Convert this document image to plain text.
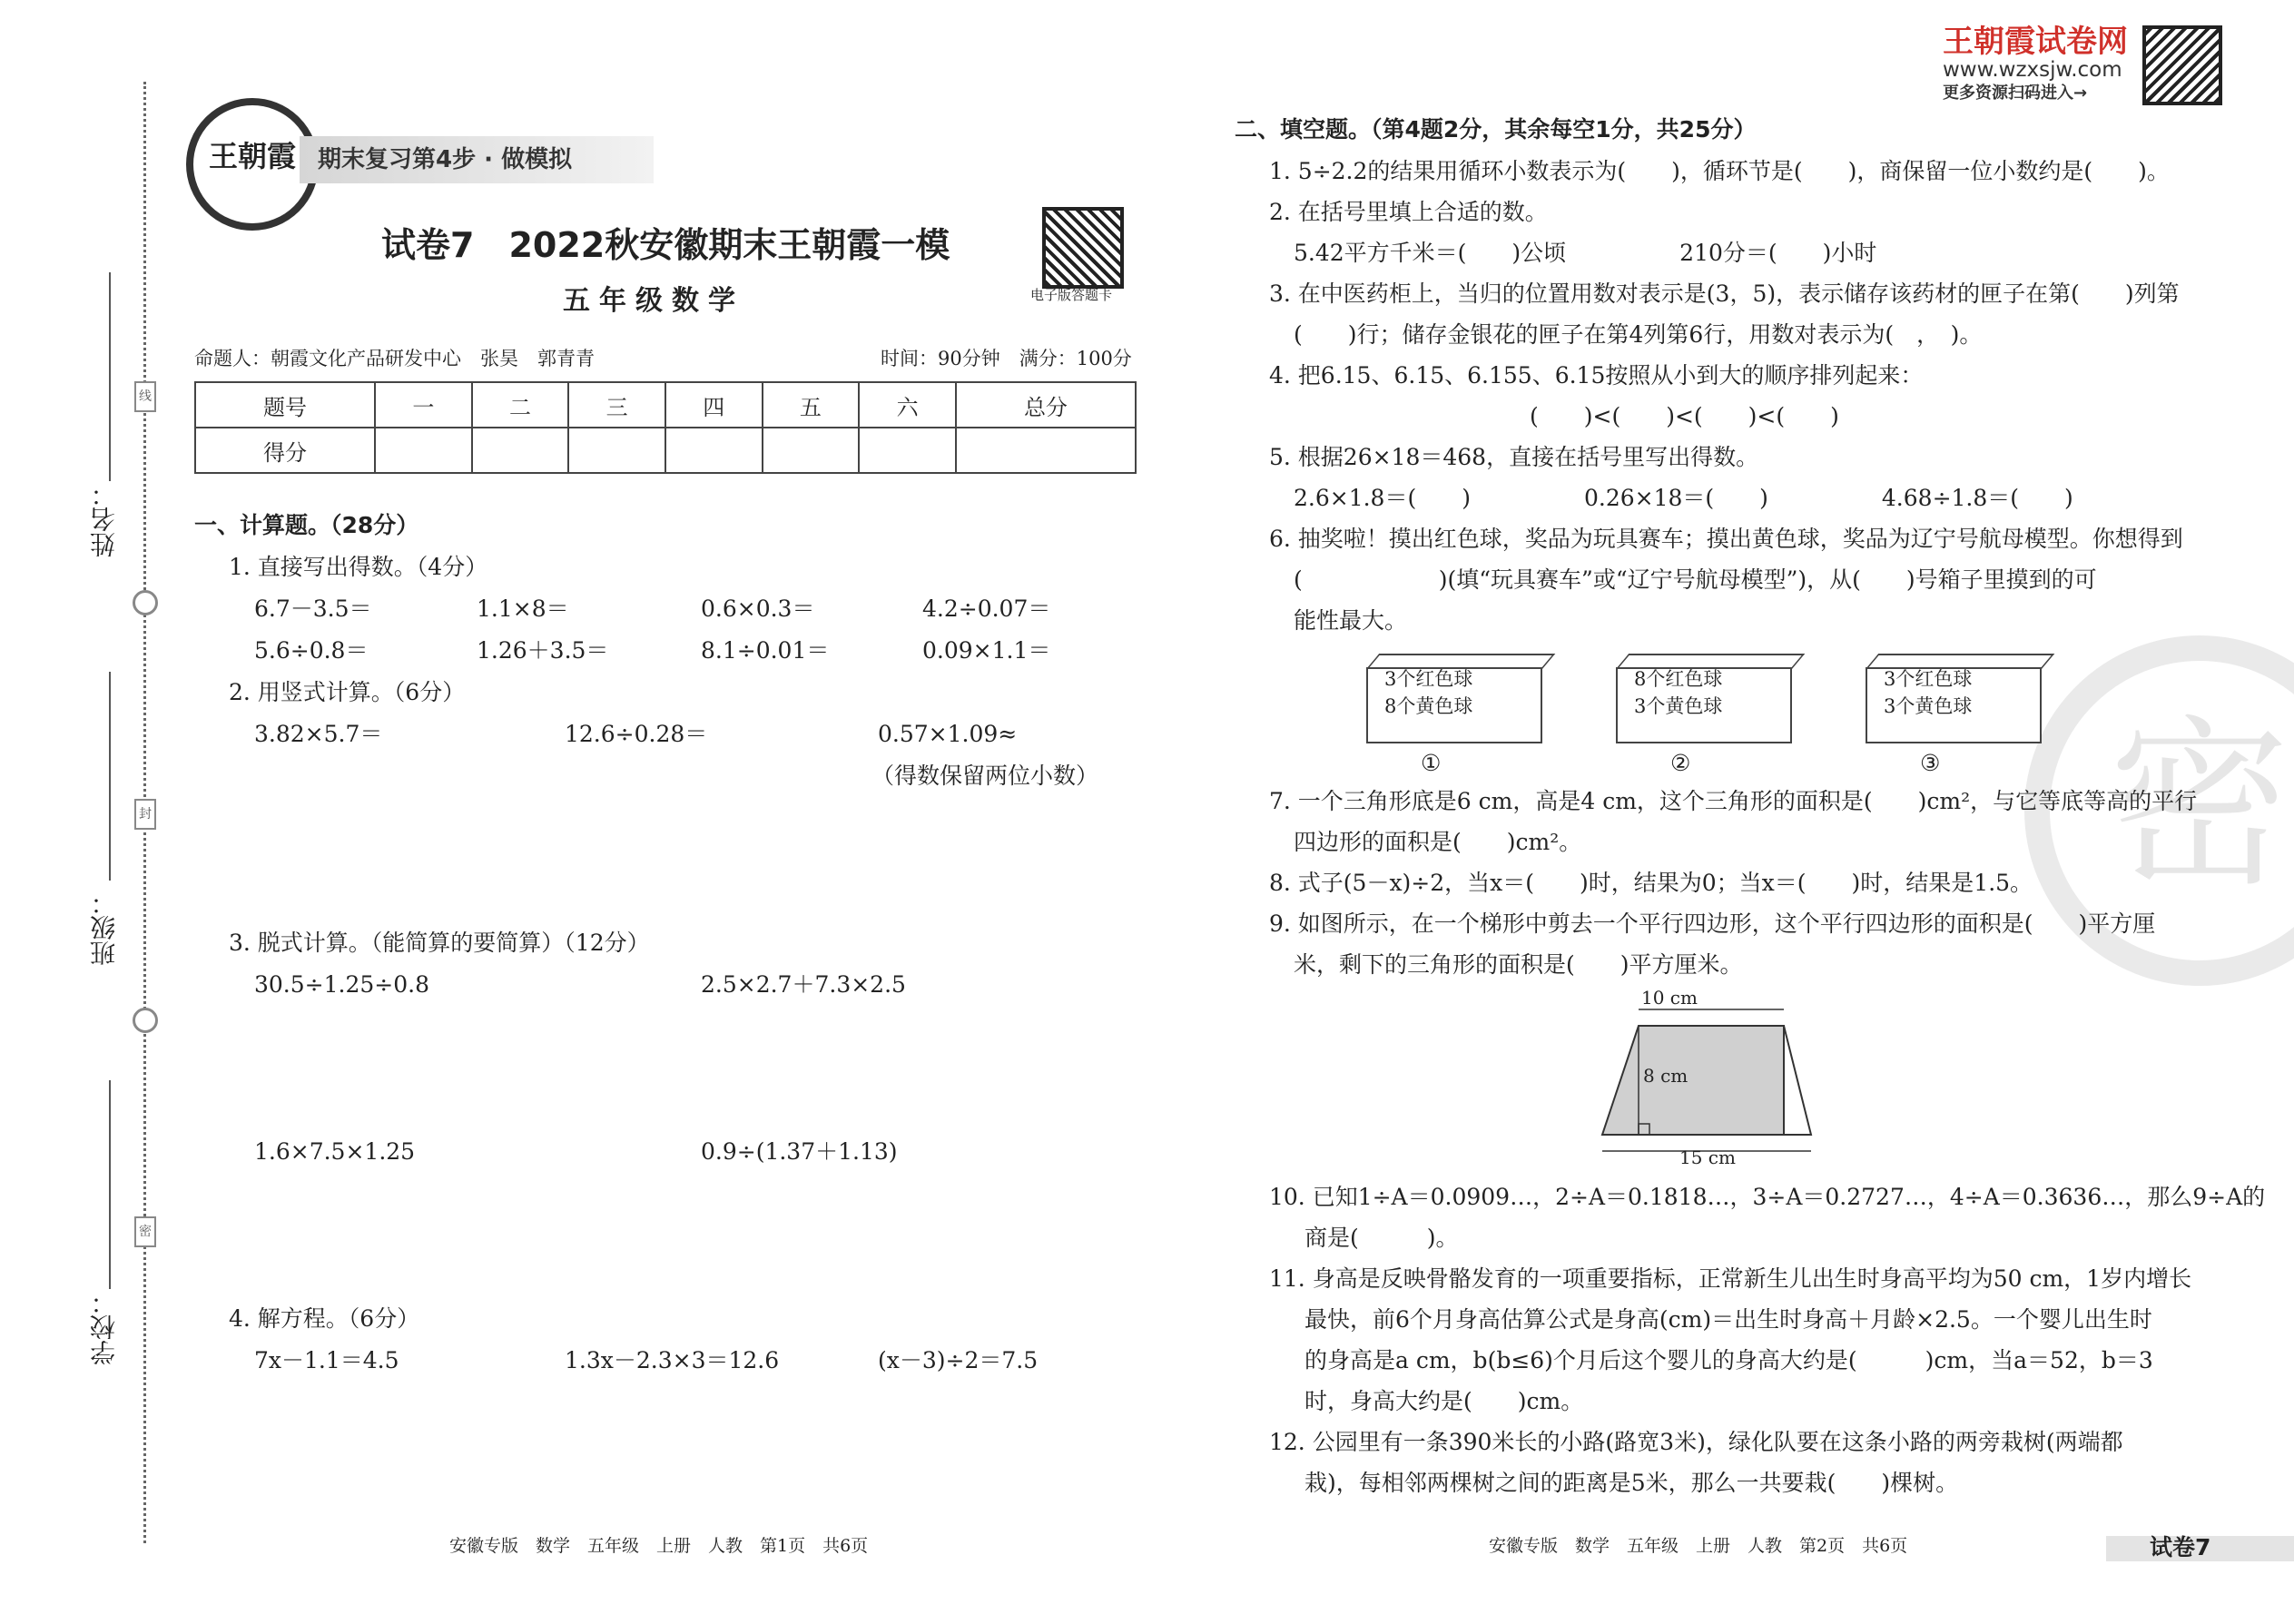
姓名：
班级：
学校：
线
封
密
王朝霞 期末复习第4步 · 做模拟
试卷7　2022秋安徽期末王朝霞一模
五年级数学	电子版答题卡
命题人：朝霞文化产品研发中心　张昊　郭青青	时间：90分钟　满分：100分
题号	一	二	三	四	五	六	总分
得分							
一、计算题。（28分）
1. 直接写出得数。（4分）
6.7－3.5＝	1.1×8＝	0.6×0.3＝	4.2÷0.07＝
5.6÷0.8＝	1.26＋3.5＝	8.1÷0.01＝	0.09×1.1＝
2. 用竖式计算。（6分）
3.82×5.7＝	12.6÷0.28＝	0.57×1.09≈
（得数保留两位小数）
3. 脱式计算。（能简算的要简算）（12分）
30.5÷1.25÷0.8	2.5×2.7＋7.3×2.5
1.6×7.5×1.25	0.9÷(1.37＋1.13)
4. 解方程。（6分）
7x－1.1＝4.5	1.3x－2.3×3＝12.6	(x－3)÷2＝7.5
安徽专版　数学　五年级　上册　人教　第1页　共6页
王朝霞试卷网
www.wzxsjw.com
更多资源扫码进入→
密
二、填空题。（第4题2分，其余每空1分，共25分）
1. 5÷2.2的结果用循环小数表示为(　　)，循环节是(　　)，商保留一位小数约是(　　)。
2. 在括号里填上合适的数。
5.42平方千米＝(　　)公顷　　　　　210分＝(　　)小时
3. 在中医药柜上，当归的位置用数对表示是(3，5)，表示储存该药材的匣子在第(　　)列第
(　　)行；储存金银花的匣子在第4列第6行，用数对表示为(　，　)。
4. 把6.15、6.15、6.155、6.15按照从小到大的顺序排列起来：
(　　)<(　　)<(　　)<(　　)
5. 根据26×18＝468，直接在括号里写出得数。
2.6×1.8＝(　　)　　　　　0.26×18＝(　　)　　　　　4.68÷1.8＝(　　)
6. 抽奖啦！摸出红色球，奖品为玩具赛车；摸出黄色球，奖品为辽宁号航母模型。你想得到
(　　　　　　)(填“玩具赛车”或“辽宁号航母模型”)，从(　　)号箱子里摸到的可
能性最大。
3个红色球
8个黄色球
①
8个红色球
3个黄色球
②
3个红色球
3个黄色球
③
7. 一个三角形底是6 cm，高是4 cm，这个三角形的面积是(　　)cm²，与它等底等高的平行
四边形的面积是(　　)cm²。
8. 式子(5－x)÷2，当x＝(　　)时，结果为0；当x＝(　　)时，结果是1.5。
9. 如图所示，在一个梯形中剪去一个平行四边形，这个平行四边形的面积是(　　)平方厘
米，剩下的三角形的面积是(　　)平方厘米。
10 cm
8 cm
15 cm
10. 已知1÷A＝0.0909…，2÷A＝0.1818…，3÷A＝0.2727…，4÷A＝0.3636…，那么9÷A的
商是(　　　)。
11. 身高是反映骨骼发育的一项重要指标，正常新生儿出生时身高平均为50 cm，1岁内增长
最快，前6个月身高估算公式是身高(cm)＝出生时身高＋月龄×2.5。一个婴儿出生时
的身高是a cm，b(b≤6)个月后这个婴儿的身高大约是(　　　)cm，当a＝52，b＝3
时，身高大约是(　　)cm。
12. 公园里有一条390米长的小路(路宽3米)，绿化队要在这条小路的两旁栽树(两端都
栽)，每相邻两棵树之间的距离是5米，那么一共要栽(　　)棵树。
安徽专版　数学　五年级　上册　人教　第2页　共6页	试卷7
